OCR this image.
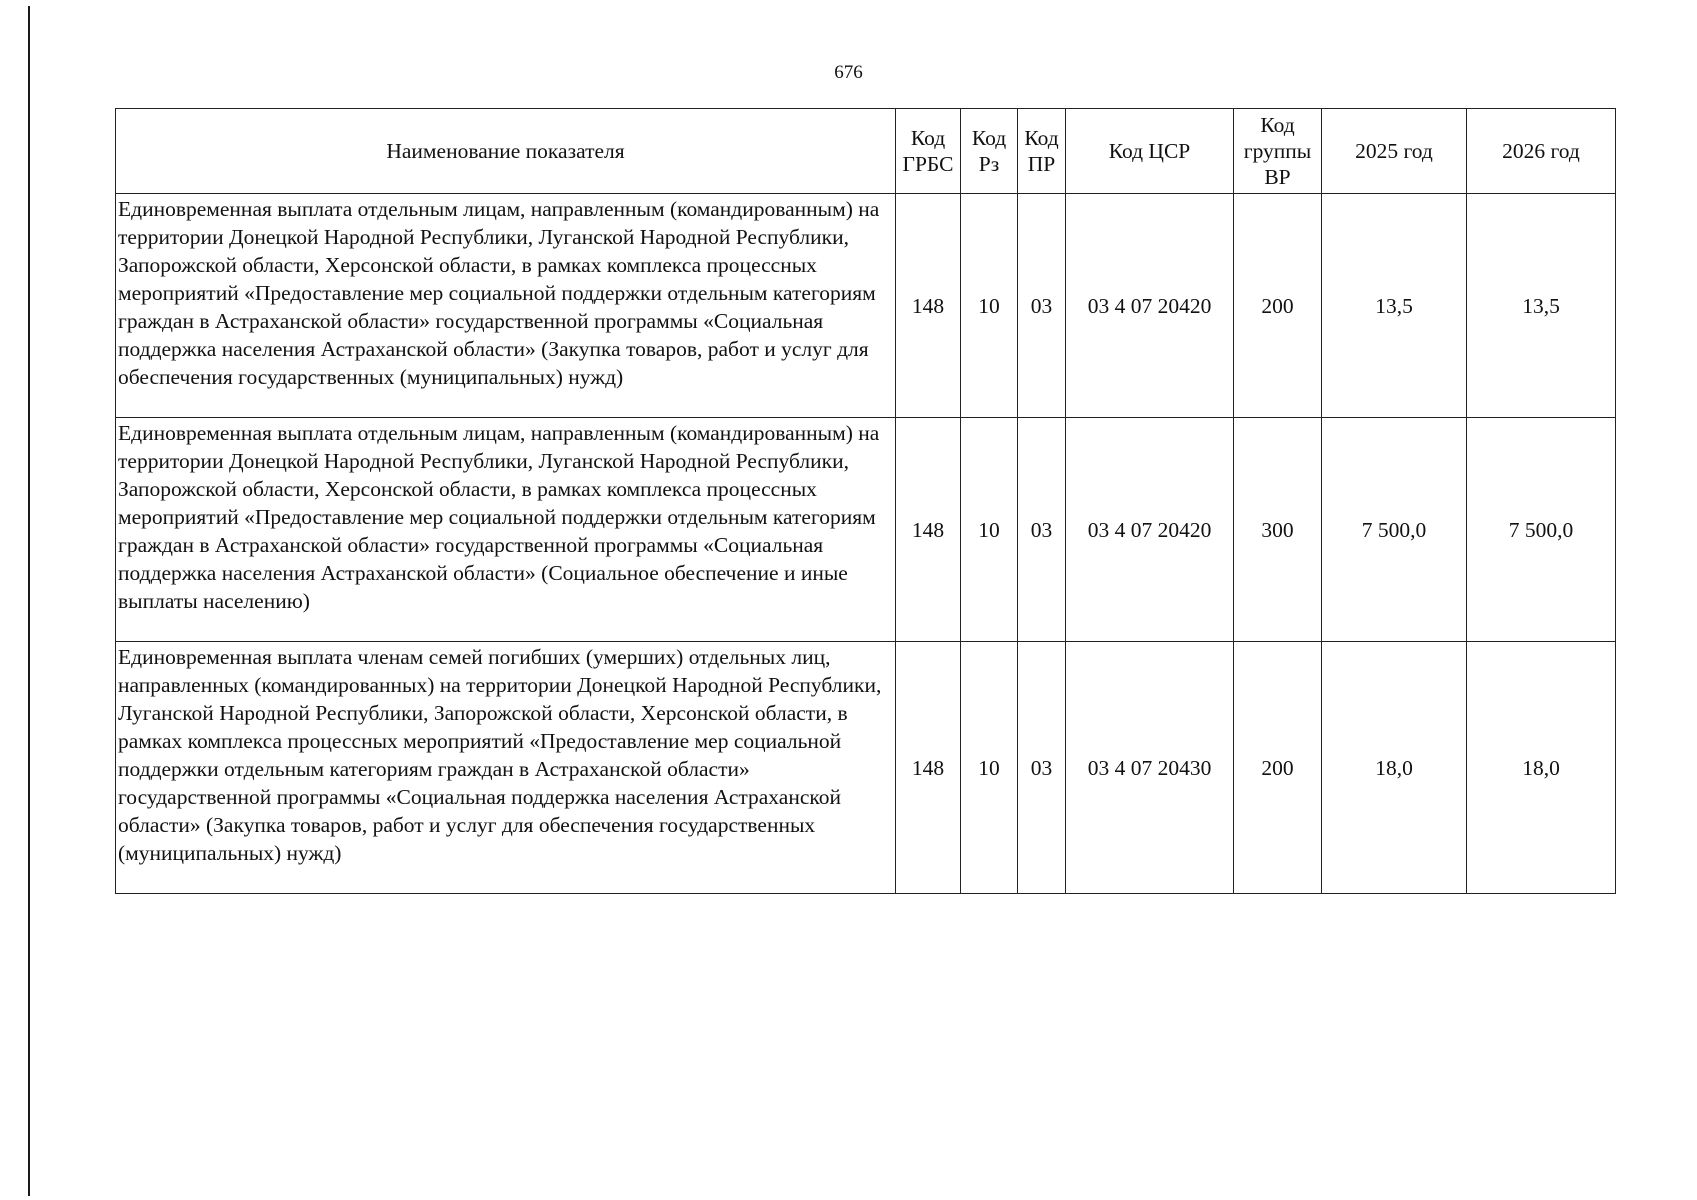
676
Наименование показателя	Код ГРБС	Код Рз	Код ПР	Код ЦСР	Код группы ВР	2025 год	2026 год
Единовременная выплата отдельным лицам, направленным (командированным) на территории Донецкой Народной Республики, Луганской Народной Республики, Запорожской области, Херсонской области, в рамках комплекса процессных мероприятий «Предоставление мер социальной поддержки отдельным категориям граждан в Астраханской области» государственной программы «Социальная поддержка населения Астраханской области» (Закупка товаров, работ и услуг для обеспечения государственных (муниципальных) нужд)	148	10	03	03 4 07 20420	200	13,5	13,5
Единовременная выплата отдельным лицам, направленным (командированным) на территории Донецкой Народной Республики, Луганской Народной Республики, Запорожской области, Херсонской области, в рамках комплекса процессных мероприятий «Предоставление мер социальной поддержки отдельным категориям граждан в Астраханской области» государственной программы «Социальная поддержка населения Астраханской области» (Социальное обеспечение и иные выплаты населению)	148	10	03	03 4 07 20420	300	7 500,0	7 500,0
Единовременная выплата членам семей погибших (умерших) отдельных лиц, направленных (командированных) на территории Донецкой Народной Республики, Луганской Народной Республики, Запорожской области, Херсонской области, в рамках комплекса процессных мероприятий «Предоставление мер социальной поддержки отдельным категориям граждан в Астраханской области» государственной программы «Социальная поддержка населения Астраханской области» (Закупка товаров, работ и услуг для обеспечения государственных (муниципальных) нужд)	148	10	03	03 4 07 20430	200	18,0	18,0
